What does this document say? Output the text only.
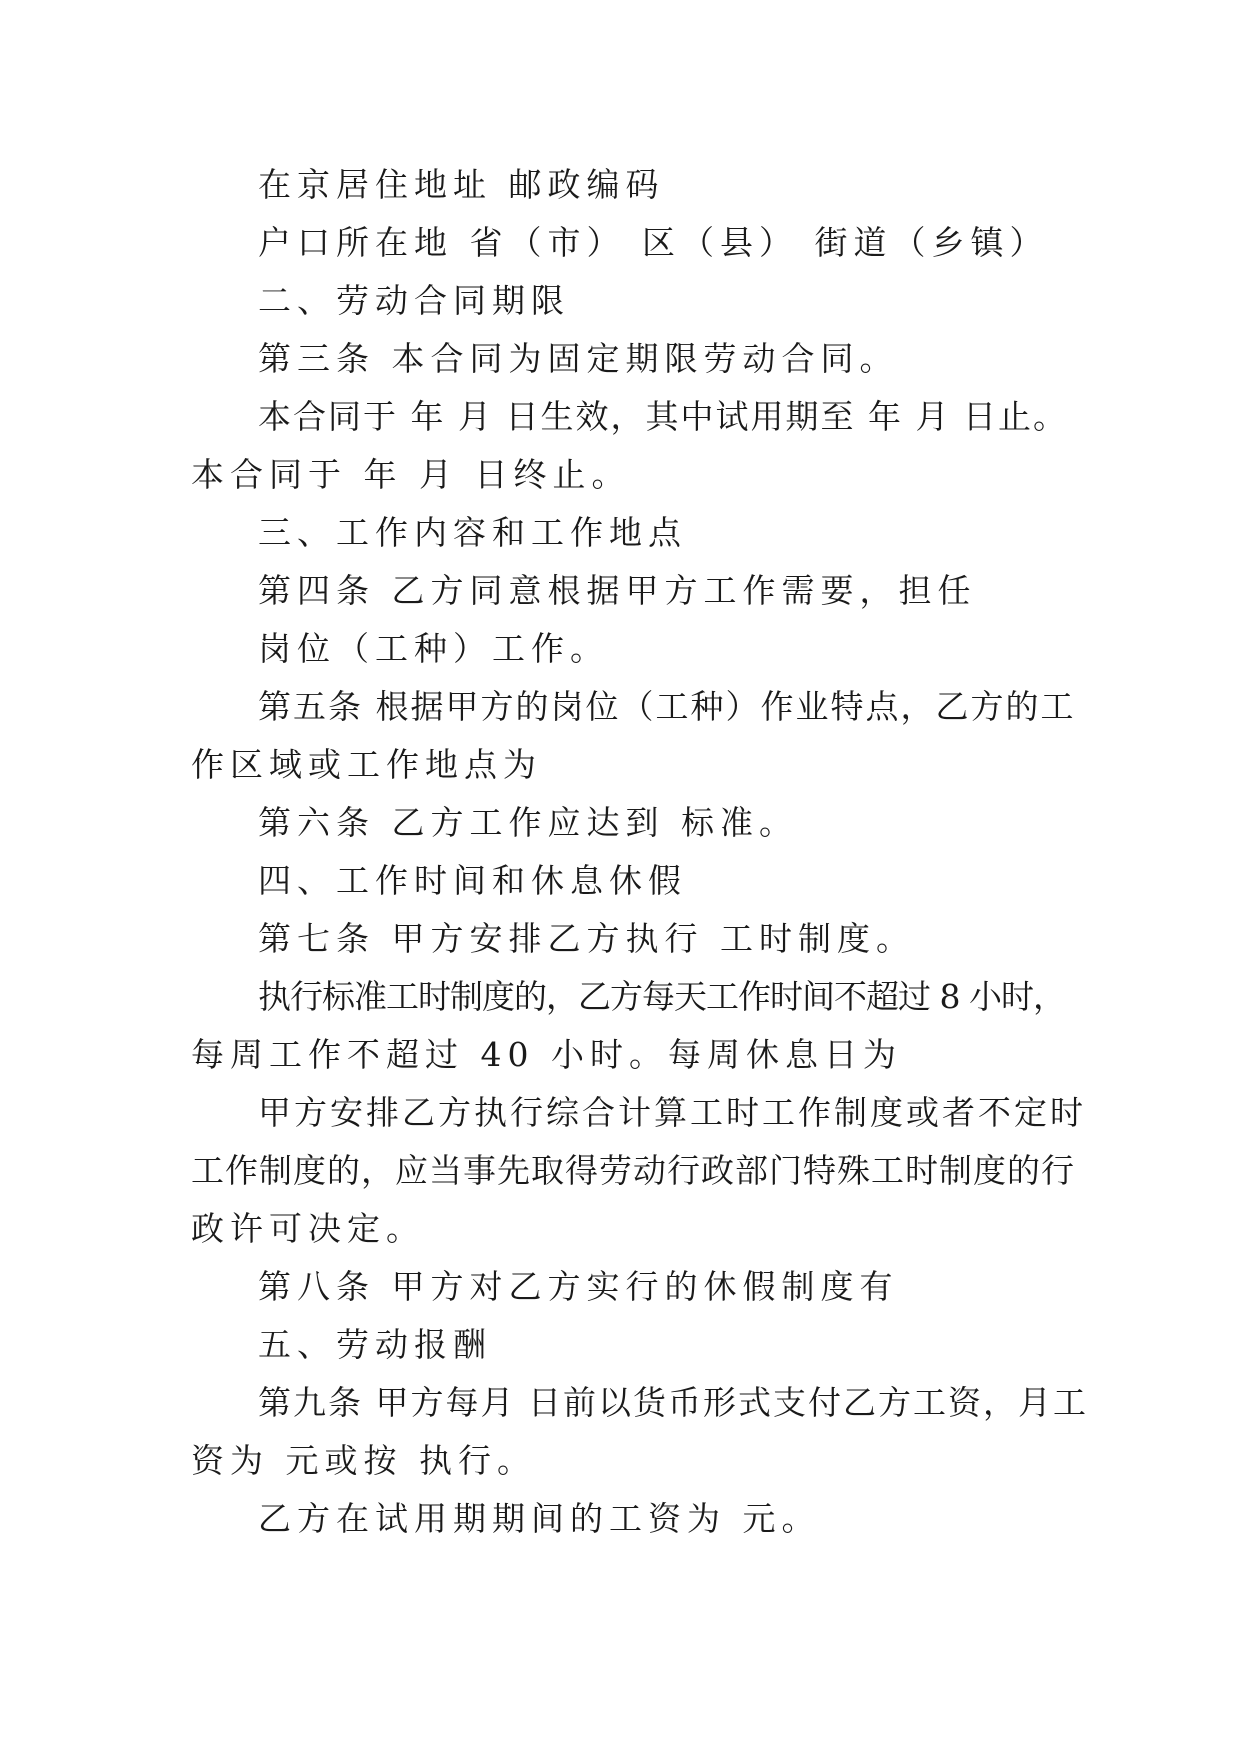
在京居住地址 邮政编码

户口所在地 省（市） 区（县） 街道（乡镇）

二、劳动合同期限

第三条 本合同为固定期限劳动合同。

本合同于 年 月 日生效，其中试用期至 年 月 日止。

本合同于 年 月 日终止。

三、工作内容和工作地点

第四条 乙方同意根据甲方工作需要，担任

岗位（工种）工作。

第五条 根据甲方的岗位（工种）作业特点，乙方的工

作区域或工作地点为

第六条 乙方工作应达到 标准。

四、工作时间和休息休假

第七条 甲方安排乙方执行 工时制度。

执行标准工时制度的，乙方每天工作时间不超过 8 小时，

每周工作不超过 40 小时。每周休息日为

甲方安排乙方执行综合计算工时工作制度或者不定时

工作制度的，应当事先取得劳动行政部门特殊工时制度的行

政许可决定。

第八条 甲方对乙方实行的休假制度有

五、劳动报酬

第九条 甲方每月 日前以货币形式支付乙方工资，月工

资为 元或按 执行。

乙方在试用期期间的工资为 元。
